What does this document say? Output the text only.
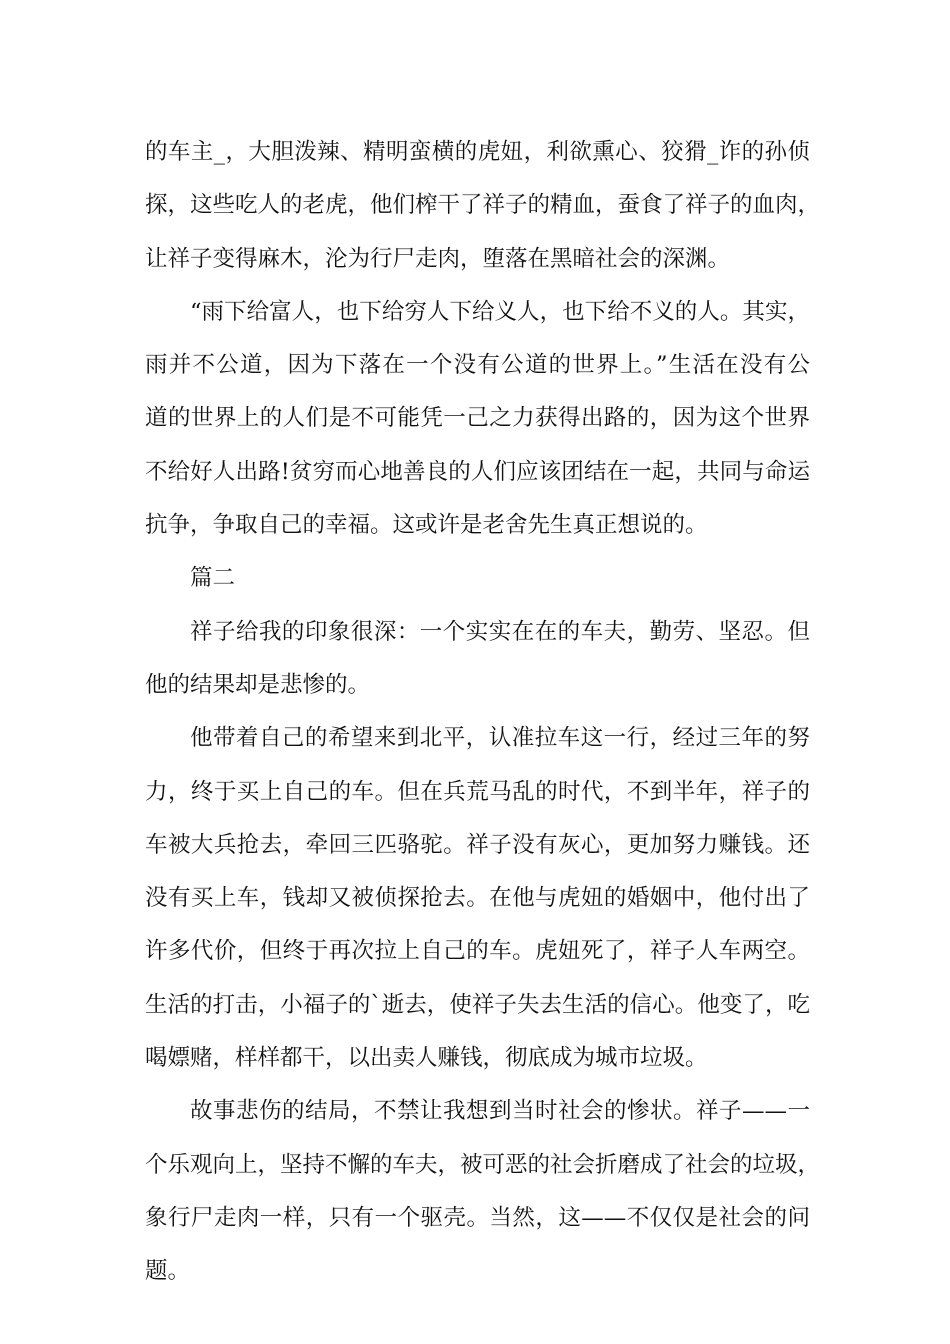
的车主_，大胆泼辣、精明蛮横的虎妞，利欲熏心、狡猾_诈的孙侦
探，这些吃人的老虎，他们榨干了祥子的精血，蚕食了祥子的血肉，
让祥子变得麻木，沦为行尸走肉，堕落在黑暗社会的深渊。
“雨下给富人，也下给穷人下给义人，也下给不义的人。其实，
雨并不公道，因为下落在一个没有公道的世界上。”生活在没有公
道的世界上的人们是不可能凭一己之力获得出路的，因为这个世界
不给好人出路!贫穷而心地善良的人们应该团结在一起，共同与命运
抗争，争取自己的幸福。这或许是老舍先生真正想说的。
篇二
祥子给我的印象很深：一个实实在在的车夫，勤劳、坚忍。但
他的结果却是悲惨的。
他带着自己的希望来到北平，认准拉车这一行，经过三年的努
力，终于买上自己的车。但在兵荒马乱的时代，不到半年，祥子的
车被大兵抢去，牵回三匹骆驼。祥子没有灰心，更加努力赚钱。还
没有买上车，钱却又被侦探抢去。在他与虎妞的婚姻中，他付出了
许多代价，但终于再次拉上自己的车。虎妞死了，祥子人车两空。
生活的打击，小福子的`逝去，使祥子失去生活的信心。他变了，吃
喝嫖赌，样样都干，以出卖人赚钱，彻底成为城市垃圾。
故事悲伤的结局，不禁让我想到当时社会的惨状。祥子——一
个乐观向上，坚持不懈的车夫，被可恶的社会折磨成了社会的垃圾，
象行尸走肉一样，只有一个驱壳。当然，这——不仅仅是社会的问
题。
